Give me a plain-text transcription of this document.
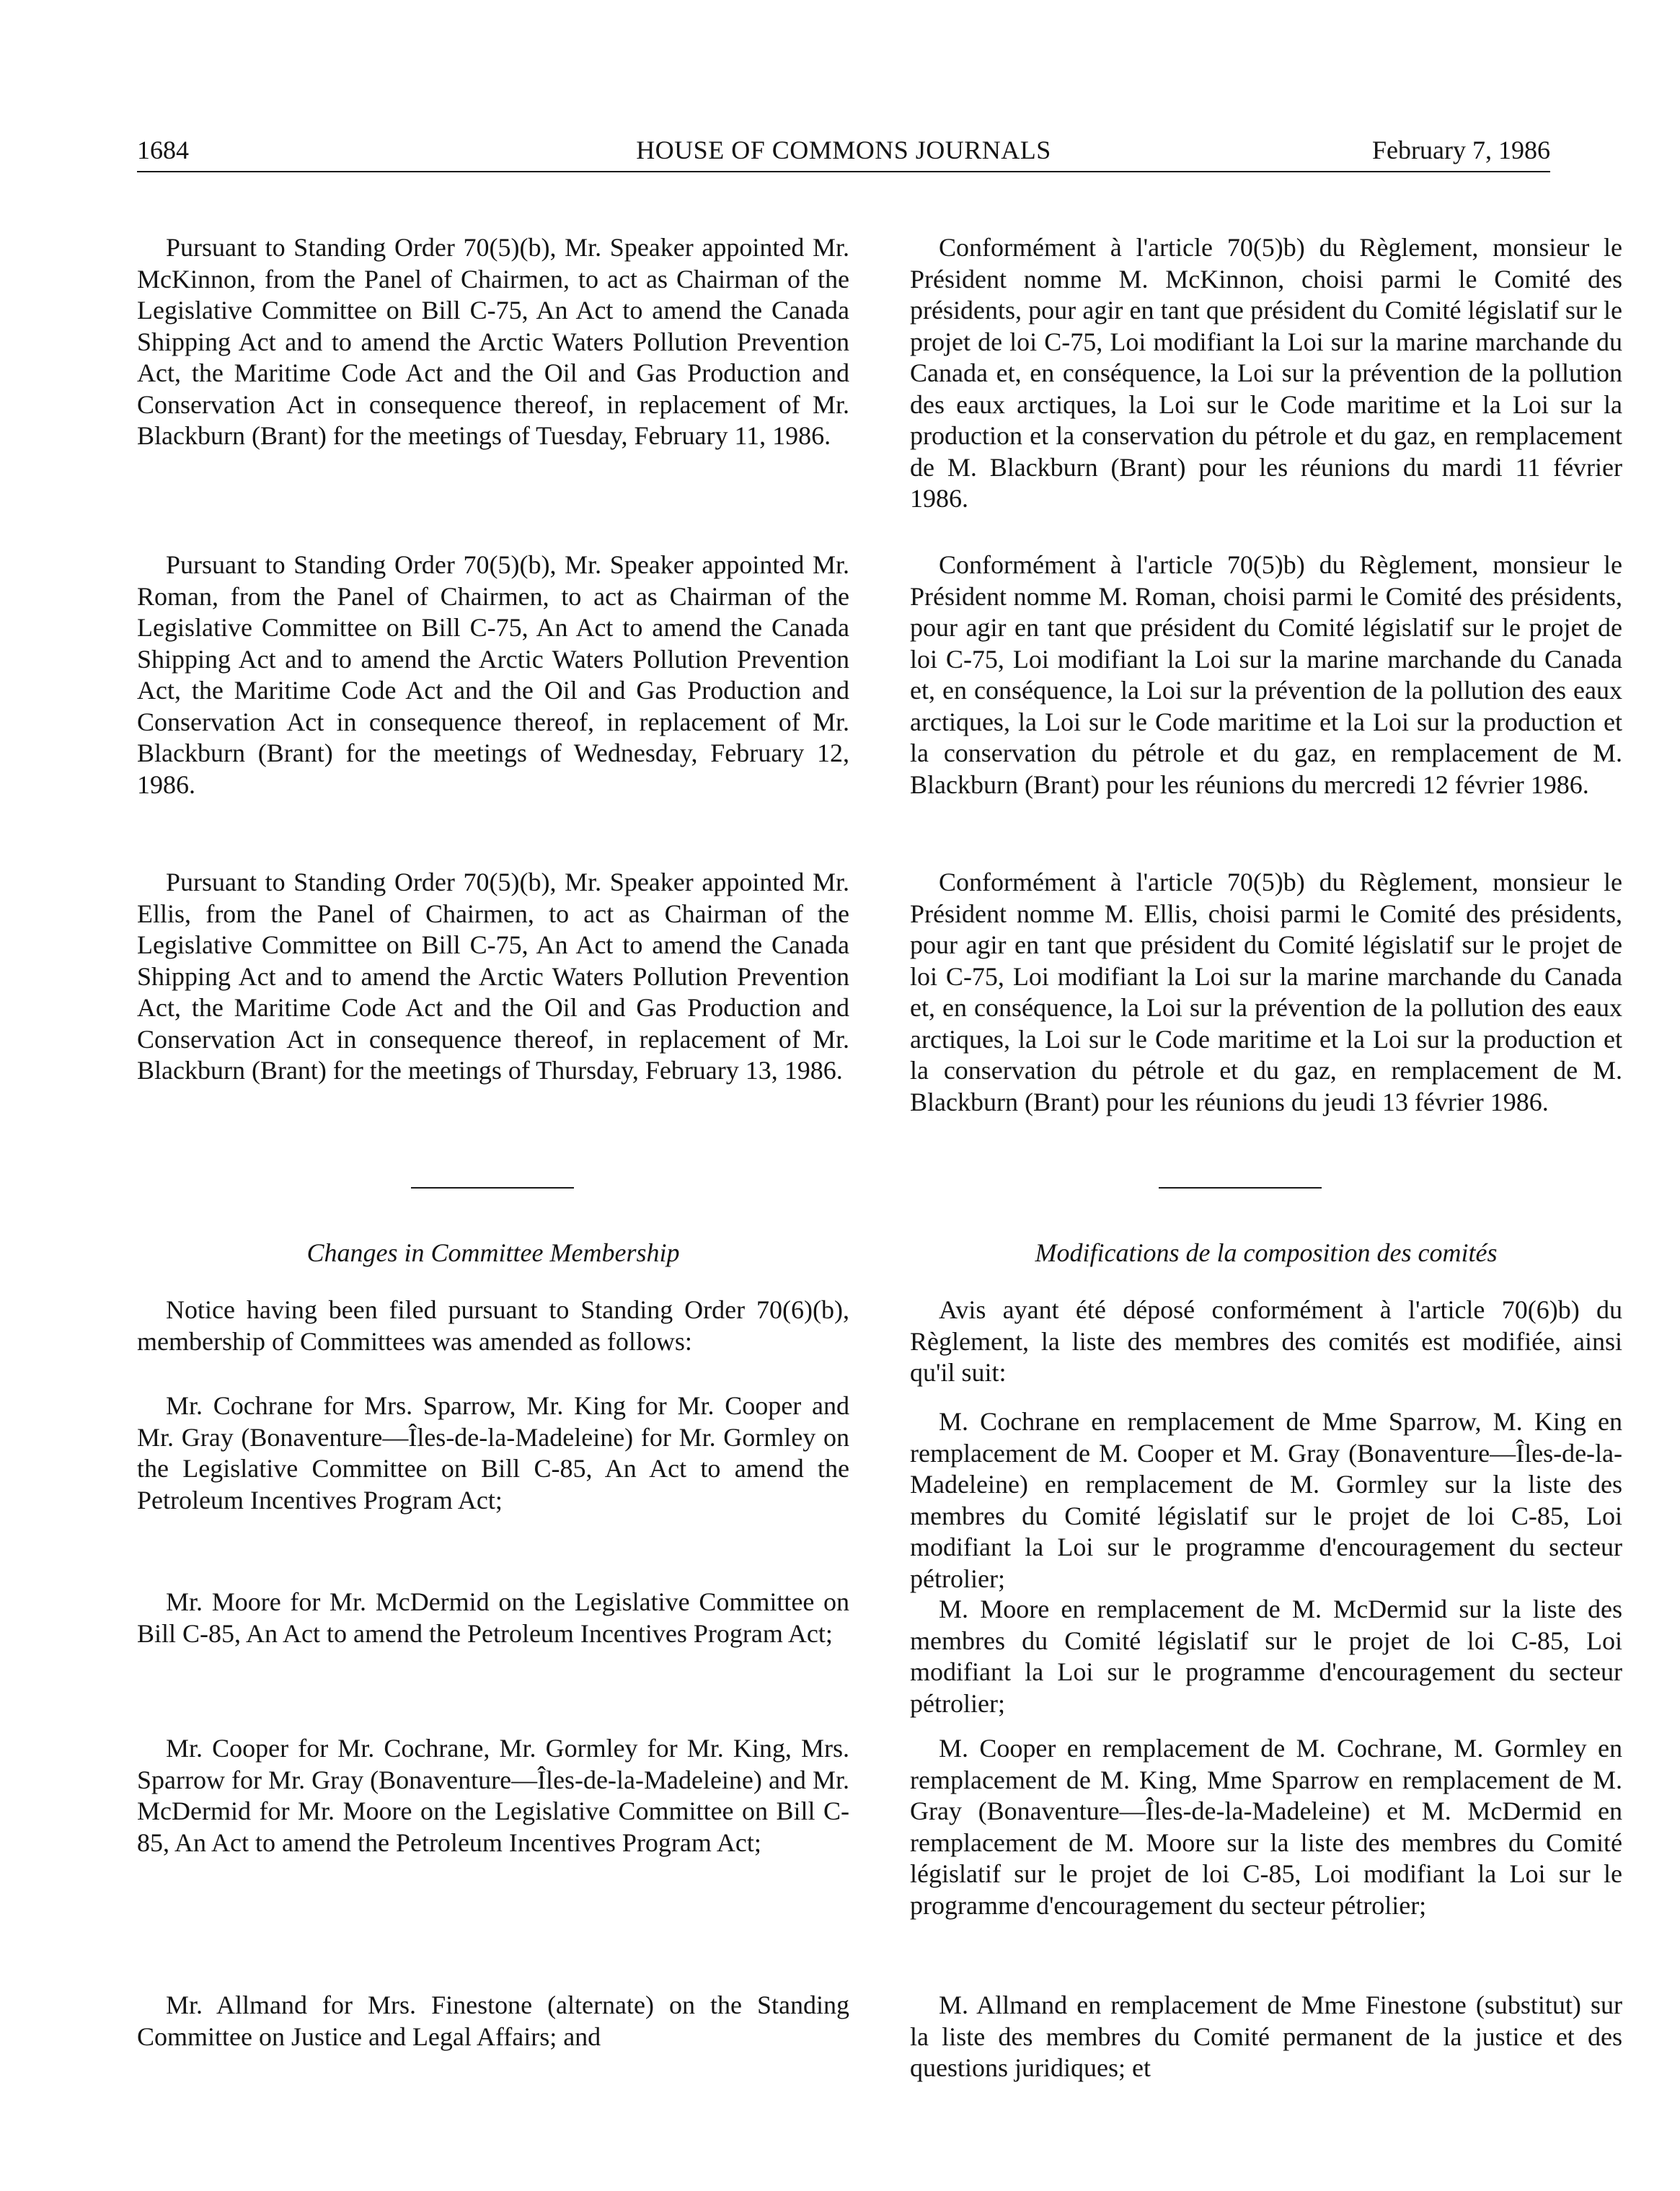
1684	HOUSE OF COMMONS JOURNALS	February 7, 1986

Pursuant to Standing Order 70(5)(b), Mr. Speaker appointed Mr. McKinnon, from the Panel of Chairmen, to act as Chairman of the Legislative Committee on Bill C-75, An Act to amend the Canada Shipping Act and to amend the Arctic Waters Pollution Prevention Act, the Maritime Code Act and the Oil and Gas Production and Conservation Act in consequence thereof, in replacement of Mr. Blackburn (Brant) for the meetings of Tuesday, February 11, 1986.

Pursuant to Standing Order 70(5)(b), Mr. Speaker appointed Mr. Roman, from the Panel of Chairmen, to act as Chairman of the Legislative Committee on Bill C-75, An Act to amend the Canada Shipping Act and to amend the Arctic Waters Pollution Prevention Act, the Maritime Code Act and the Oil and Gas Production and Conservation Act in consequence thereof, in replacement of Mr. Blackburn (Brant) for the meetings of Wednesday, February 12, 1986.

Pursuant to Standing Order 70(5)(b), Mr. Speaker appointed Mr. Ellis, from the Panel of Chairmen, to act as Chairman of the Legislative Committee on Bill C-75, An Act to amend the Canada Shipping Act and to amend the Arctic Waters Pollution Prevention Act, the Maritime Code Act and the Oil and Gas Production and Conservation Act in consequence thereof, in replacement of Mr. Blackburn (Brant) for the meetings of Thursday, February 13, 1986.

Changes in Committee Membership

Notice having been filed pursuant to Standing Order 70(6)(b), membership of Committees was amended as follows:

Mr. Cochrane for Mrs. Sparrow, Mr. King for Mr. Cooper and Mr. Gray (Bonaventure—Îles-de-la-Madeleine) for Mr. Gormley on the Legislative Committee on Bill C-85, An Act to amend the Petroleum Incentives Program Act;

Mr. Moore for Mr. McDermid on the Legislative Committee on Bill C-85, An Act to amend the Petroleum Incentives Program Act;

Mr. Cooper for Mr. Cochrane, Mr. Gormley for Mr. King, Mrs. Sparrow for Mr. Gray (Bonaventure—Îles-de-la-Madeleine) and Mr. McDermid for Mr. Moore on the Legislative Committee on Bill C-85, An Act to amend the Petroleum Incentives Program Act;

Mr. Allmand for Mrs. Finestone (alternate) on the Standing Committee on Justice and Legal Affairs; and

Conformément à l'article 70(5)b) du Règlement, monsieur le Président nomme M. McKinnon, choisi parmi le Comité des présidents, pour agir en tant que président du Comité législatif sur le projet de loi C-75, Loi modifiant la Loi sur la marine marchande du Canada et, en conséquence, la Loi sur la prévention de la pollution des eaux arctiques, la Loi sur le Code maritime et la Loi sur la production et la conservation du pétrole et du gaz, en remplacement de M. Blackburn (Brant) pour les réunions du mardi 11 février 1986.

Conformément à l'article 70(5)b) du Règlement, monsieur le Président nomme M. Roman, choisi parmi le Comité des présidents, pour agir en tant que président du Comité législatif sur le projet de loi C-75, Loi modifiant la Loi sur la marine marchande du Canada et, en conséquence, la Loi sur la prévention de la pollution des eaux arctiques, la Loi sur le Code maritime et la Loi sur la production et la conservation du pétrole et du gaz, en remplacement de M. Blackburn (Brant) pour les réunions du mercredi 12 février 1986.

Conformément à l'article 70(5)b) du Règlement, monsieur le Président nomme M. Ellis, choisi parmi le Comité des présidents, pour agir en tant que président du Comité législatif sur le projet de loi C-75, Loi modifiant la Loi sur la marine marchande du Canada et, en conséquence, la Loi sur la prévention de la pollution des eaux arctiques, la Loi sur le Code maritime et la Loi sur la production et la conservation du pétrole et du gaz, en remplacement de M. Blackburn (Brant) pour les réunions du jeudi 13 février 1986.

Modifications de la composition des comités

Avis ayant été déposé conformément à l'article 70(6)b) du Règlement, la liste des membres des comités est modifiée, ainsi qu'il suit:

M. Cochrane en remplacement de Mme Sparrow, M. King en remplacement de M. Cooper et M. Gray (Bonaventure—Îles-de-la-Madeleine) en remplacement de M. Gormley sur la liste des membres du Comité législatif sur le projet de loi C-85, Loi modifiant la Loi sur le programme d'encouragement du secteur pétrolier;

M. Moore en remplacement de M. McDermid sur la liste des membres du Comité législatif sur le projet de loi C-85, Loi modifiant la Loi sur le programme d'encouragement du secteur pétrolier;

M. Cooper en remplacement de M. Cochrane, M. Gormley en remplacement de M. King, Mme Sparrow en remplacement de M. Gray (Bonaventure—Îles-de-la-Madeleine) et M. McDermid en remplacement de M. Moore sur la liste des membres du Comité législatif sur le projet de loi C-85, Loi modifiant la Loi sur le programme d'encouragement du secteur pétrolier;

M. Allmand en remplacement de Mme Finestone (substitut) sur la liste des membres du Comité permanent de la justice et des questions juridiques; et
